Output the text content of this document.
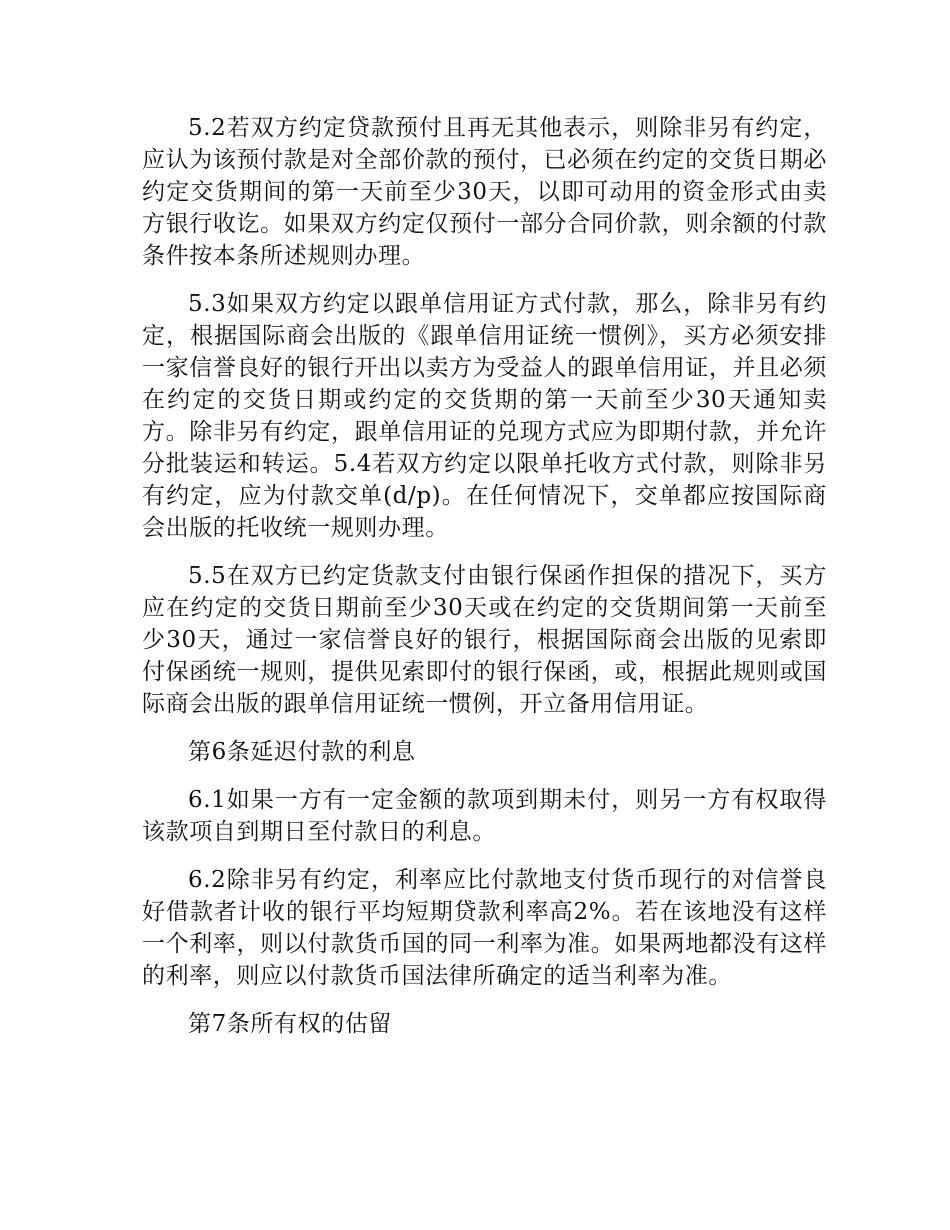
5.2若双方约定贷款预付且再无其他表示，则除非另有约定，应认为该预付款是对全部价款的预付，已必须在约定的交货日期必约定交货期间的第一天前至少30天，以即可动用的资金形式由卖方银行收讫。如果双方约定仅预付一部分合同价款，则余额的付款条件按本条所述规则办理。

5.3如果双方约定以跟单信用证方式付款，那么，除非另有约定，根据国际商会出版的《跟单信用证统一惯例》，买方必须安排一家信誉良好的银行开出以卖方为受益人的跟单信用证，并且必须在约定的交货日期或约定的交货期的第一天前至少30天通知卖方。除非另有约定，跟单信用证的兑现方式应为即期付款，并允许分批装运和转运。5.4若双方约定以限单托收方式付款，则除非另有约定，应为付款交单(d/p)。在任何情况下，交单都应按国际商会出版的托收统一规则办理。

5.5在双方已约定货款支付由银行保函作担保的措况下，买方应在约定的交货日期前至少30天或在约定的交货期间第一天前至少30天，通过一家信誉良好的银行，根据国际商会出版的见索即付保函统一规则，提供见索即付的银行保函，或，根据此规则或国际商会出版的跟单信用证统一惯例，开立备用信用证。

第6条延迟付款的利息

6.1如果一方有一定金额的款项到期未付，则另一方有权取得该款项自到期日至付款日的利息。

6.2除非另有约定，利率应比付款地支付货币现行的对信誉良好借款者计收的银行平均短期贷款利率高2%。若在该地没有这样一个利率，则以付款货币国的同一利率为准。如果两地都没有这样的利率，则应以付款货币国法律所确定的适当利率为准。

第7条所有权的估留
